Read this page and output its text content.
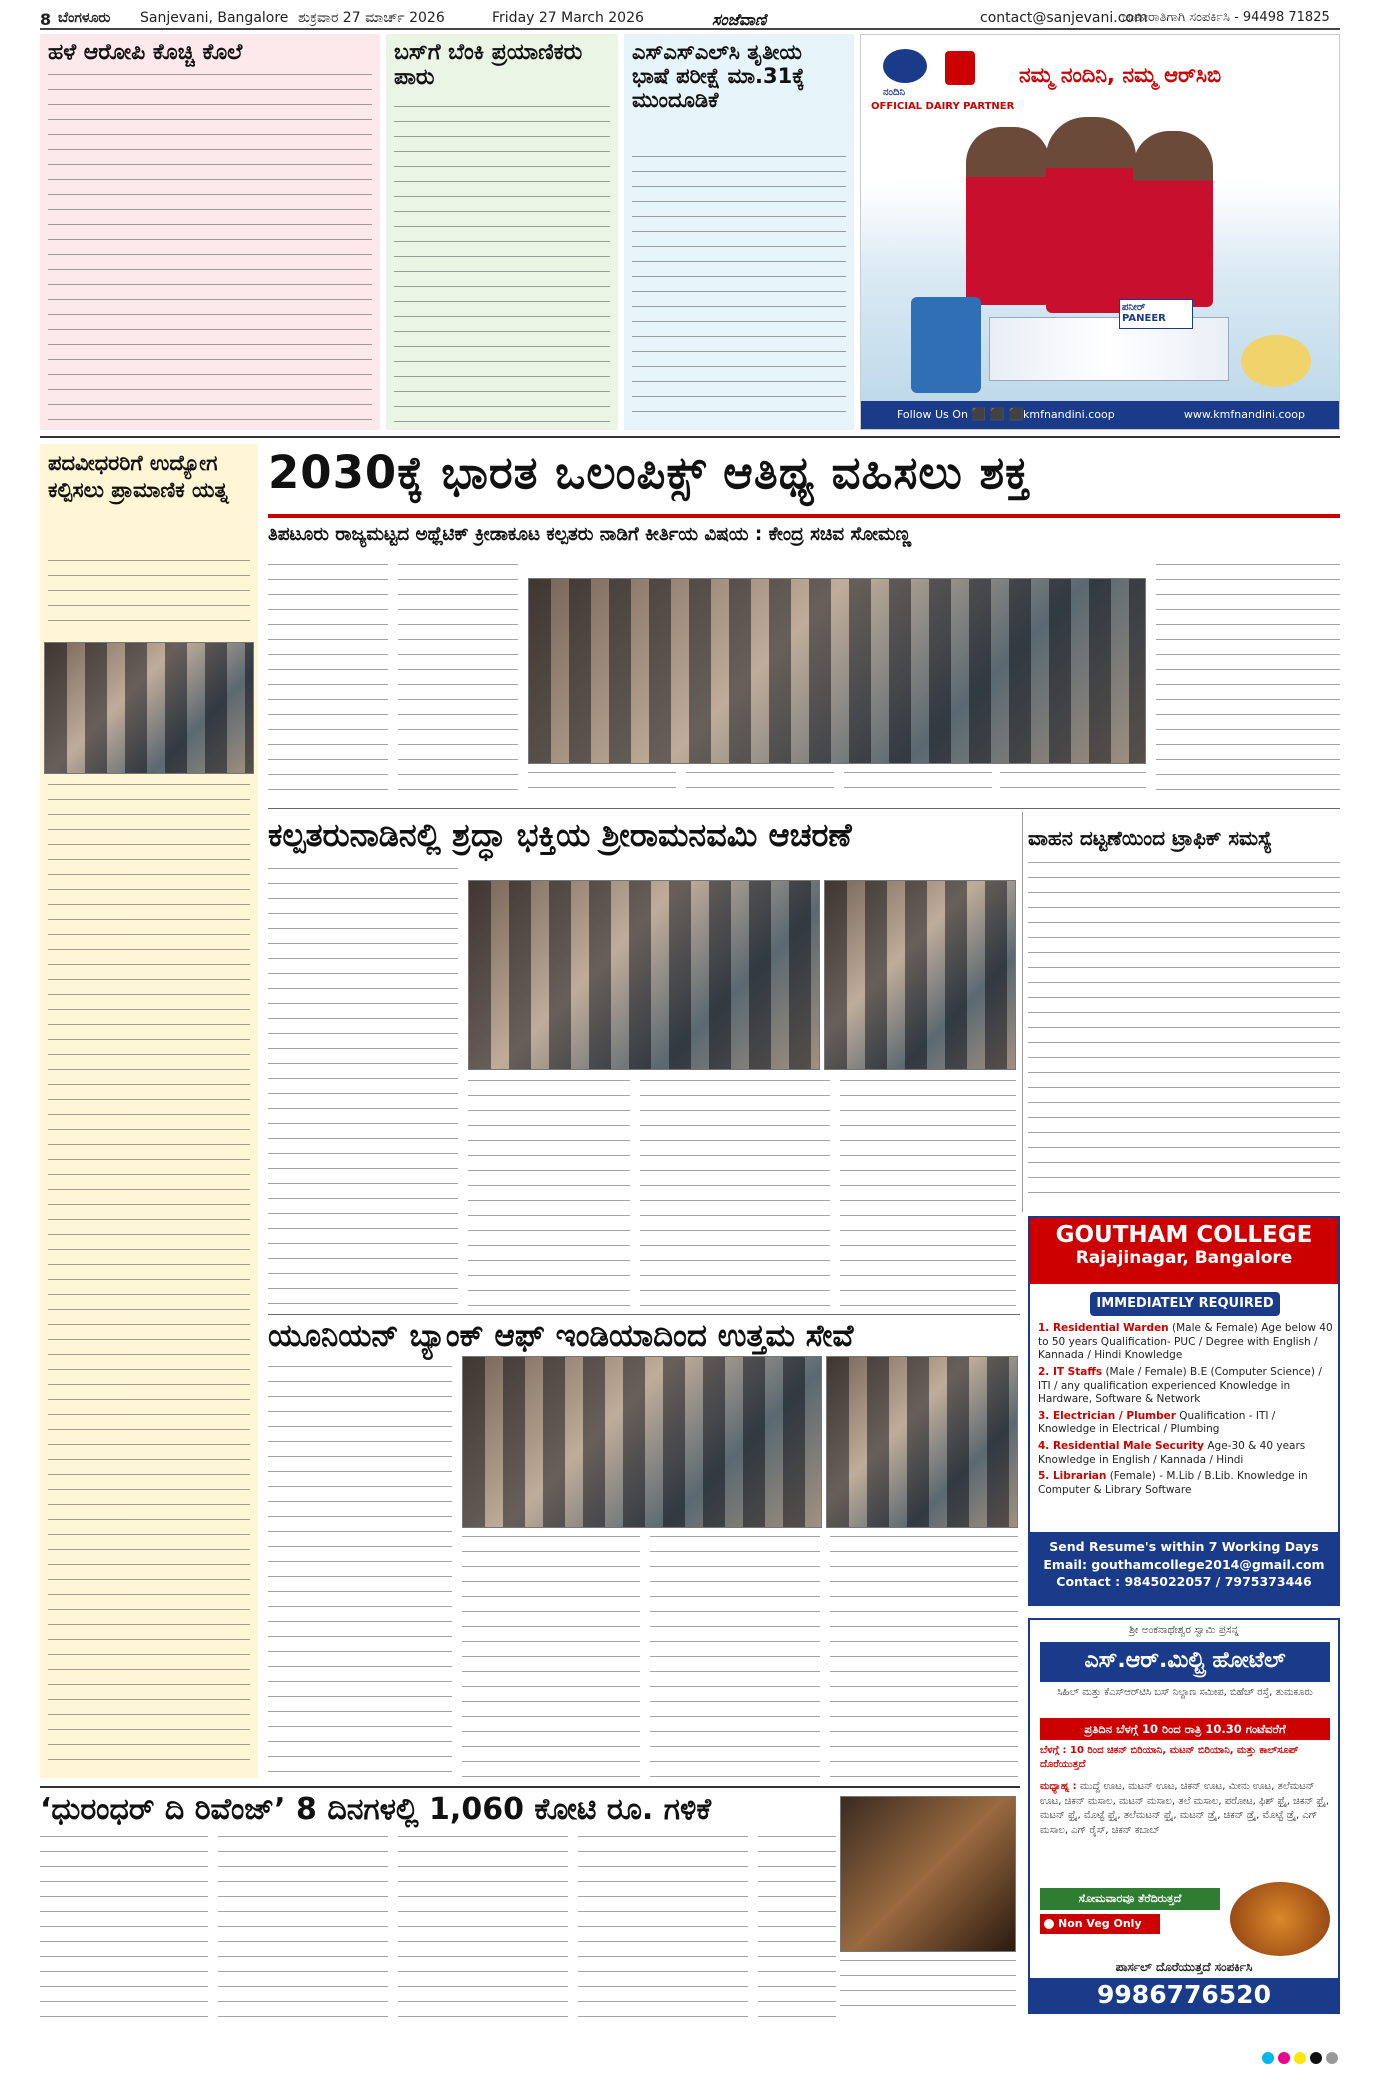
8 ಬೆಂಗಳೂರು Sanjevani, Bangalore ಶುಕ್ರವಾರ 27 ಮಾರ್ಚ್ 2026	Friday 27 March 2026	ಸಂಜೆವಾಣಿ	contact@sanjevani.com
ಜಾಹೀರಾತಿಗಾಗಿ ಸಂಪರ್ಕಿಸಿ - 94498 71825
ಹಳೆ ಆರೋಪಿ ಕೊಚ್ಚಿ ಕೊಲೆ	ಬಸ್‌ಗೆ ಬೆಂಕಿ ಪ್ರಯಾಣಿಕರು ಪಾರು
ಎಸ್‌ಎಸ್‌ಎಲ್‌ಸಿ ತೃತೀಯ ಭಾಷೆ ಪರೀಕ್ಷೆ ಮಾ.31ಕ್ಕೆ ಮುಂದೂಡಿಕೆ	ನಂದಿನಿ
OFFICIAL DAIRY PARTNER
ನಮ್ಮ ನಂದಿನಿ, ನಮ್ಮ ಆರ್‌ಸಿಬಿ
ಪನೀರ್ PANEER
Follow Us On :
⬛ ⬛ ⬛ kmfnandini.coop	www.kmfnandini.coop
ಪದವೀಧರರಿಗೆ ಉದ್ಯೋಗ ಕಲ್ಪಿಸಲು ಪ್ರಾಮಾಣಿಕ ಯತ್ನ 2030ಕ್ಕೆ ಭಾರತ ಒಲಂಪಿಕ್ಸ್ ಆತಿಥ್ಯ ವಹಿಸಲು ಶಕ್ತ
ತಿಪಟೂರು ರಾಜ್ಯಮಟ್ಟದ ಅಥ್ಲೆಟಿಕ್ ಕ್ರೀಡಾಕೂಟ ಕಲ್ಪತರು ನಾಡಿಗೆ ಕೀರ್ತಿಯ ವಿಷಯ : ಕೇಂದ್ರ ಸಚಿವ ಸೋಮಣ್ಣ
ಕಲ್ಪತರುನಾಡಿನಲ್ಲಿ ಶ್ರದ್ಧಾ ಭಕ್ತಿಯ ಶ್ರೀರಾಮನವಮಿ ಆಚರಣೆ	ವಾಹನ ದಟ್ಟಣೆಯಿಂದ ಟ್ರಾಫಿಕ್ ಸಮಸ್ಯೆ
GOUTHAM COLLEGE
Rajajinagar, Bangalore
IMMEDIATELY REQUIRED
1. Residential Warden (Male & Female) Age below 40 to 50 years Qualification- PUC / Degree with English / Kannada / Hindi Knowledge
2. IT Staffs (Male / Female) B.E (Computer Science) / ITI / any qualification experienced Knowledge in Hardware, Software & Network
3. Electrician / Plumber Qualification - ITI / Knowledge in Electrical / Plumbing
4. Residential Male Security Age-30 & 40 years Knowledge in English / Kannada / Hindi
5. Librarian (Female) - M.Lib / B.Lib. Knowledge in Computer & Library Software
Send Resume's within 7 Working Days
Email: gouthamcollege2014@gmail.com
Contact : 9845022057 / 7975373446
ಯೂನಿಯನ್ ಬ್ಯಾಂಕ್ ಆಫ್ ಇಂಡಿಯಾದಿಂದ ಉತ್ತಮ ಸೇವೆ
‘ಧುರಂಧರ್ ದಿ ರಿವೆಂಜ್’ 8 ದಿನಗಳಲ್ಲಿ 1,060 ಕೋಟಿ ರೂ. ಗಳಿಕೆ
ಶ್ರೀ ಅಂಕನಾಥೇಶ್ವರ ಸ್ವಾಮಿ ಪ್ರಸನ್ನ
ಎಸ್.ಆರ್.ಮಿಲ್ಟ್ರಿ ಹೋಟೆಲ್
ಸಿಹಿಲ್ ಮತ್ತು ಕೆಎಸ್ಆರ್‌ಟಿಸಿ ಬಸ್ ನಿಲ್ದಾಣ ಸಮೀಪ, ಬಿಹೆಚ್ ರಸ್ತೆ, ತುಮಕೂರು
ಪ್ರತಿದಿನ ಬೆಳಗ್ಗೆ 10 ರಿಂದ ರಾತ್ರಿ 10.30 ಗಂಟೆವರೆಗೆ
ಬೆಳಗ್ಗೆ : 10 ರಿಂದ ಚಿಕನ್ ಬಿರಿಯಾನಿ, ಮಟನ್ ಬಿರಿಯಾನಿ, ಮತ್ತು ಕಾಲ್‌ಸೂಪ್ ದೊರೆಯುತ್ತದೆ
ಮಧ್ಯಾಹ್ನ : ಮುದ್ದೆ ಊಟ, ಮಟನ್ ಊಟ, ಚಿಕನ್ ಊಟ, ಮೀನು ಊಟ, ತಲೆಮಟನ್ ಊಟ, ಚಿಕನ್ ಮಸಾಲ, ಮಟನ್ ಮಸಾಲ, ತಲೆ ಮಸಾಲ, ಪರೋಟ, ಫಿಶ್ ಫ್ರೈ, ಚಿಕನ್ ಫ್ರೈ, ಮಟನ್ ಫ್ರೈ, ಮೊಟ್ಟೆ ಫ್ರೈ, ತಲೆಮಟನ್ ಫ್ರೈ, ಮಟನ್ ಡ್ರೈ, ಚಿಕನ್ ಡ್ರೈ, ಮೊಟ್ಟೆ ಡ್ರೈ, ಎಗ್ ಮಸಾಲ, ಎಗ್ ರೈಸ್, ಚಿಕನ್ ಕಬಾಬ್
ಸೋಮವಾರವೂ ತೆರೆದಿರುತ್ತದೆ
Non Veg Only
ಪಾರ್ಸಲ್ ದೊರೆಯುತ್ತದೆ ಸಂಪರ್ಕಿಸಿ
9986776520
